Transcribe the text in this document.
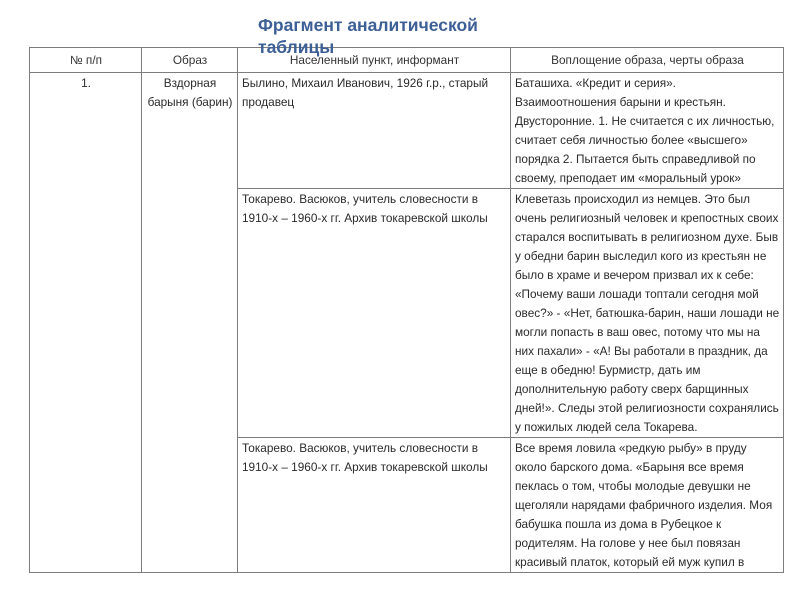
Фрагмент аналитической таблицы
№ п/п	Образ	Населенный пункт, информант	Воплощение образа, черты образа
1.	Вздорная барыня (барин)	Былино, Михаил Иванович, 1926 г.р., старый продавец	Баташиха. «Кредит и серия». Взаимоотношения барыни и крестьян. Двусторонние. 1. Не считается с их личностью, считает себя личностью более «высшего» порядка 2. Пытается быть справедливой по своему, преподает им «моральный урок»
		Токарево. Васюков, учитель словесности в 1910-х – 1960-х гг. Архив токаревской школы	Клеветазь происходил из немцев. Это был очень религиозный человек и крепостных своих старался воспитывать в религиозном духе. Быв у обедни барин выследил кого из крестьян не было в храме и вечером призвал их к себе: «Почему ваши лошади топтали сегодня мой овес?» - «Нет, батюшка-барин, наши лошади не могли попасть в ваш овес, потому что мы на них пахали» - «А! Вы работали в праздник, да еще в обедню! Бурмистр, дать им дополнительную работу сверх барщинных дней!». Следы этой религиозности сохранялись у пожилых людей села Токарева.
		Токарево. Васюков, учитель словесности в 1910-х – 1960-х гг. Архив токаревской школы	Все время ловила «редкую рыбу» в пруду около барского дома. «Барыня все время пеклась о том, чтобы молодые девушки не щеголяли нарядами фабричного изделия. Моя бабушка пошла из дома в Рубецкое к родителям. На голове у нее был повязан красивый платок, который ей муж купил в
